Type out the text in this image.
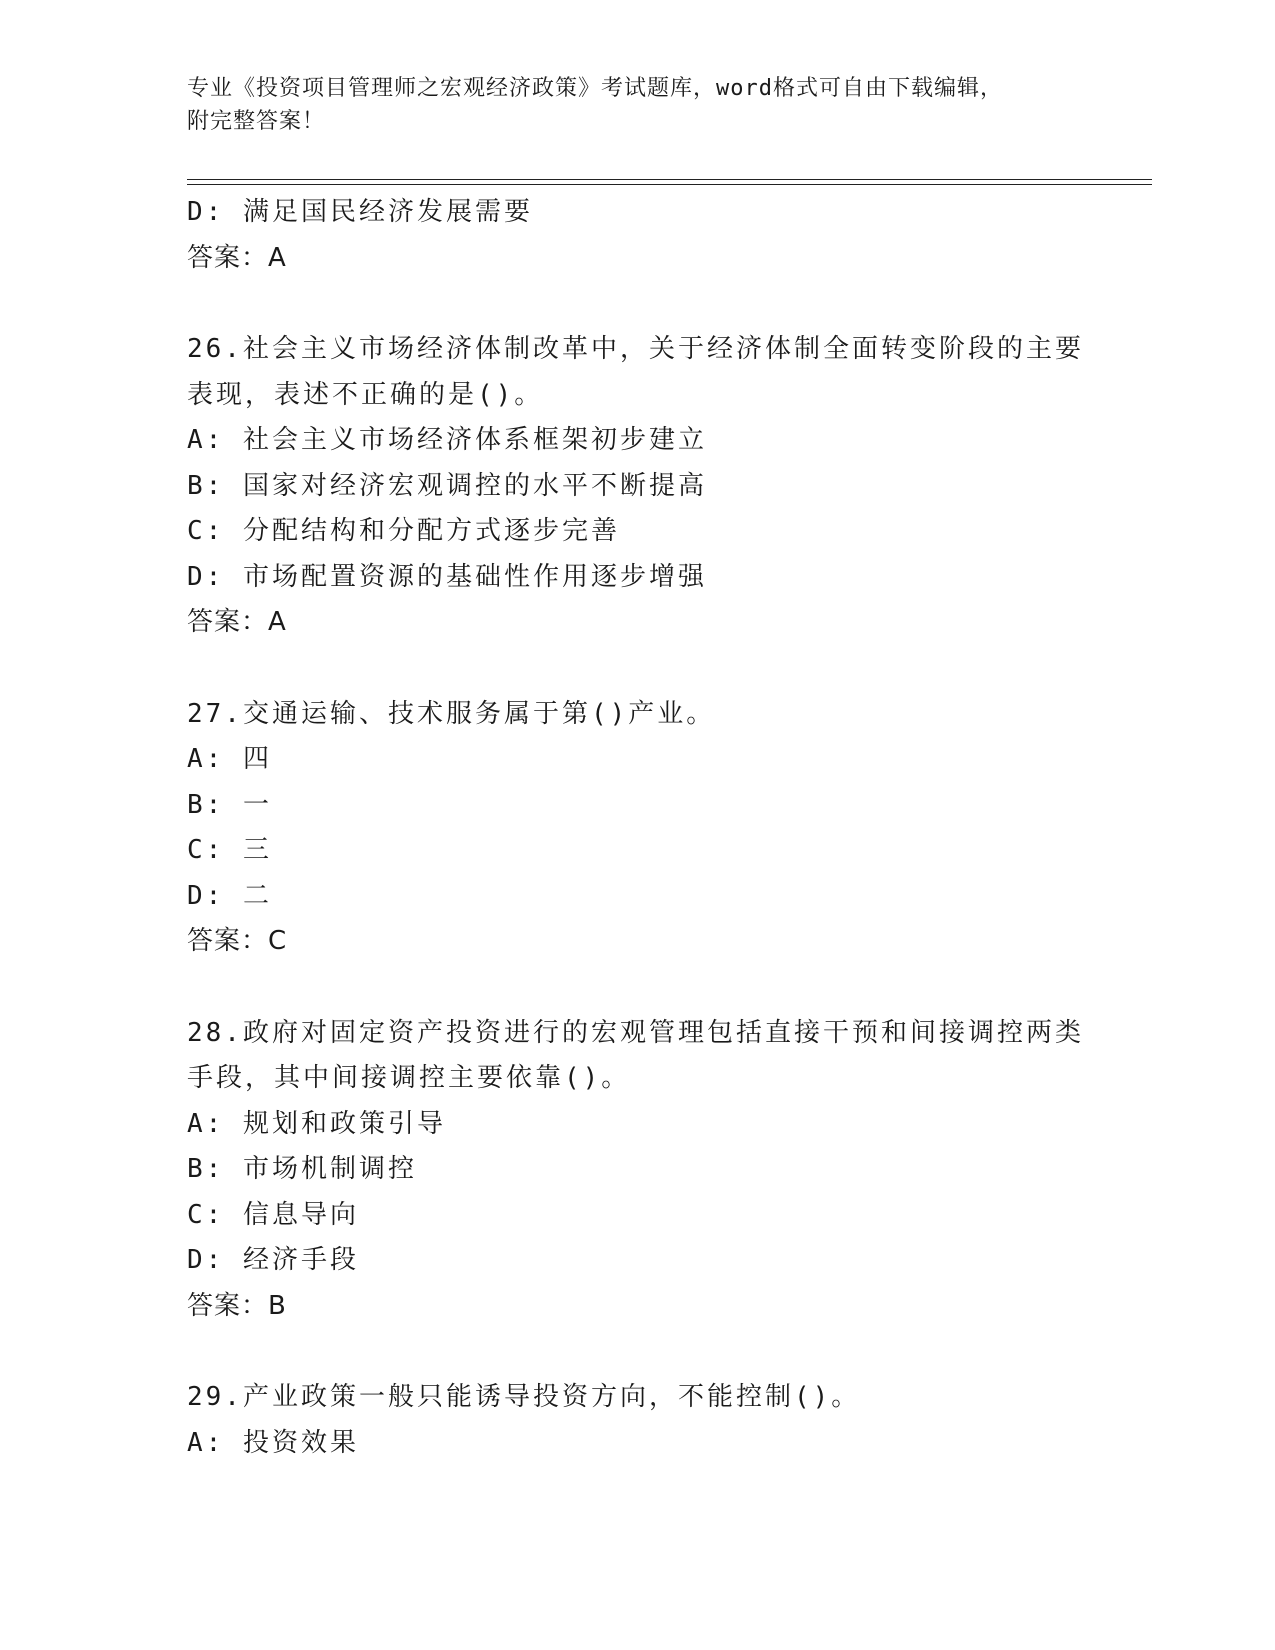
专业《投资项目管理师之宏观经济政策》考试题库，word格式可自由下载编辑，
附完整答案！
D: 满足国民经济发展需要
答案：A
26.社会主义市场经济体制改革中，关于经济体制全面转变阶段的主要
表现，表述不正确的是()。
A: 社会主义市场经济体系框架初步建立
B: 国家对经济宏观调控的水平不断提高
C: 分配结构和分配方式逐步完善
D: 市场配置资源的基础性作用逐步增强
答案：A
27.交通运输、技术服务属于第()产业。
A: 四
B: 一
C: 三
D: 二
答案：C
28.政府对固定资产投资进行的宏观管理包括直接干预和间接调控两类
手段，其中间接调控主要依靠()。
A: 规划和政策引导
B: 市场机制调控
C: 信息导向
D: 经济手段
答案：B
29.产业政策一般只能诱导投资方向，不能控制()。
A: 投资效果
